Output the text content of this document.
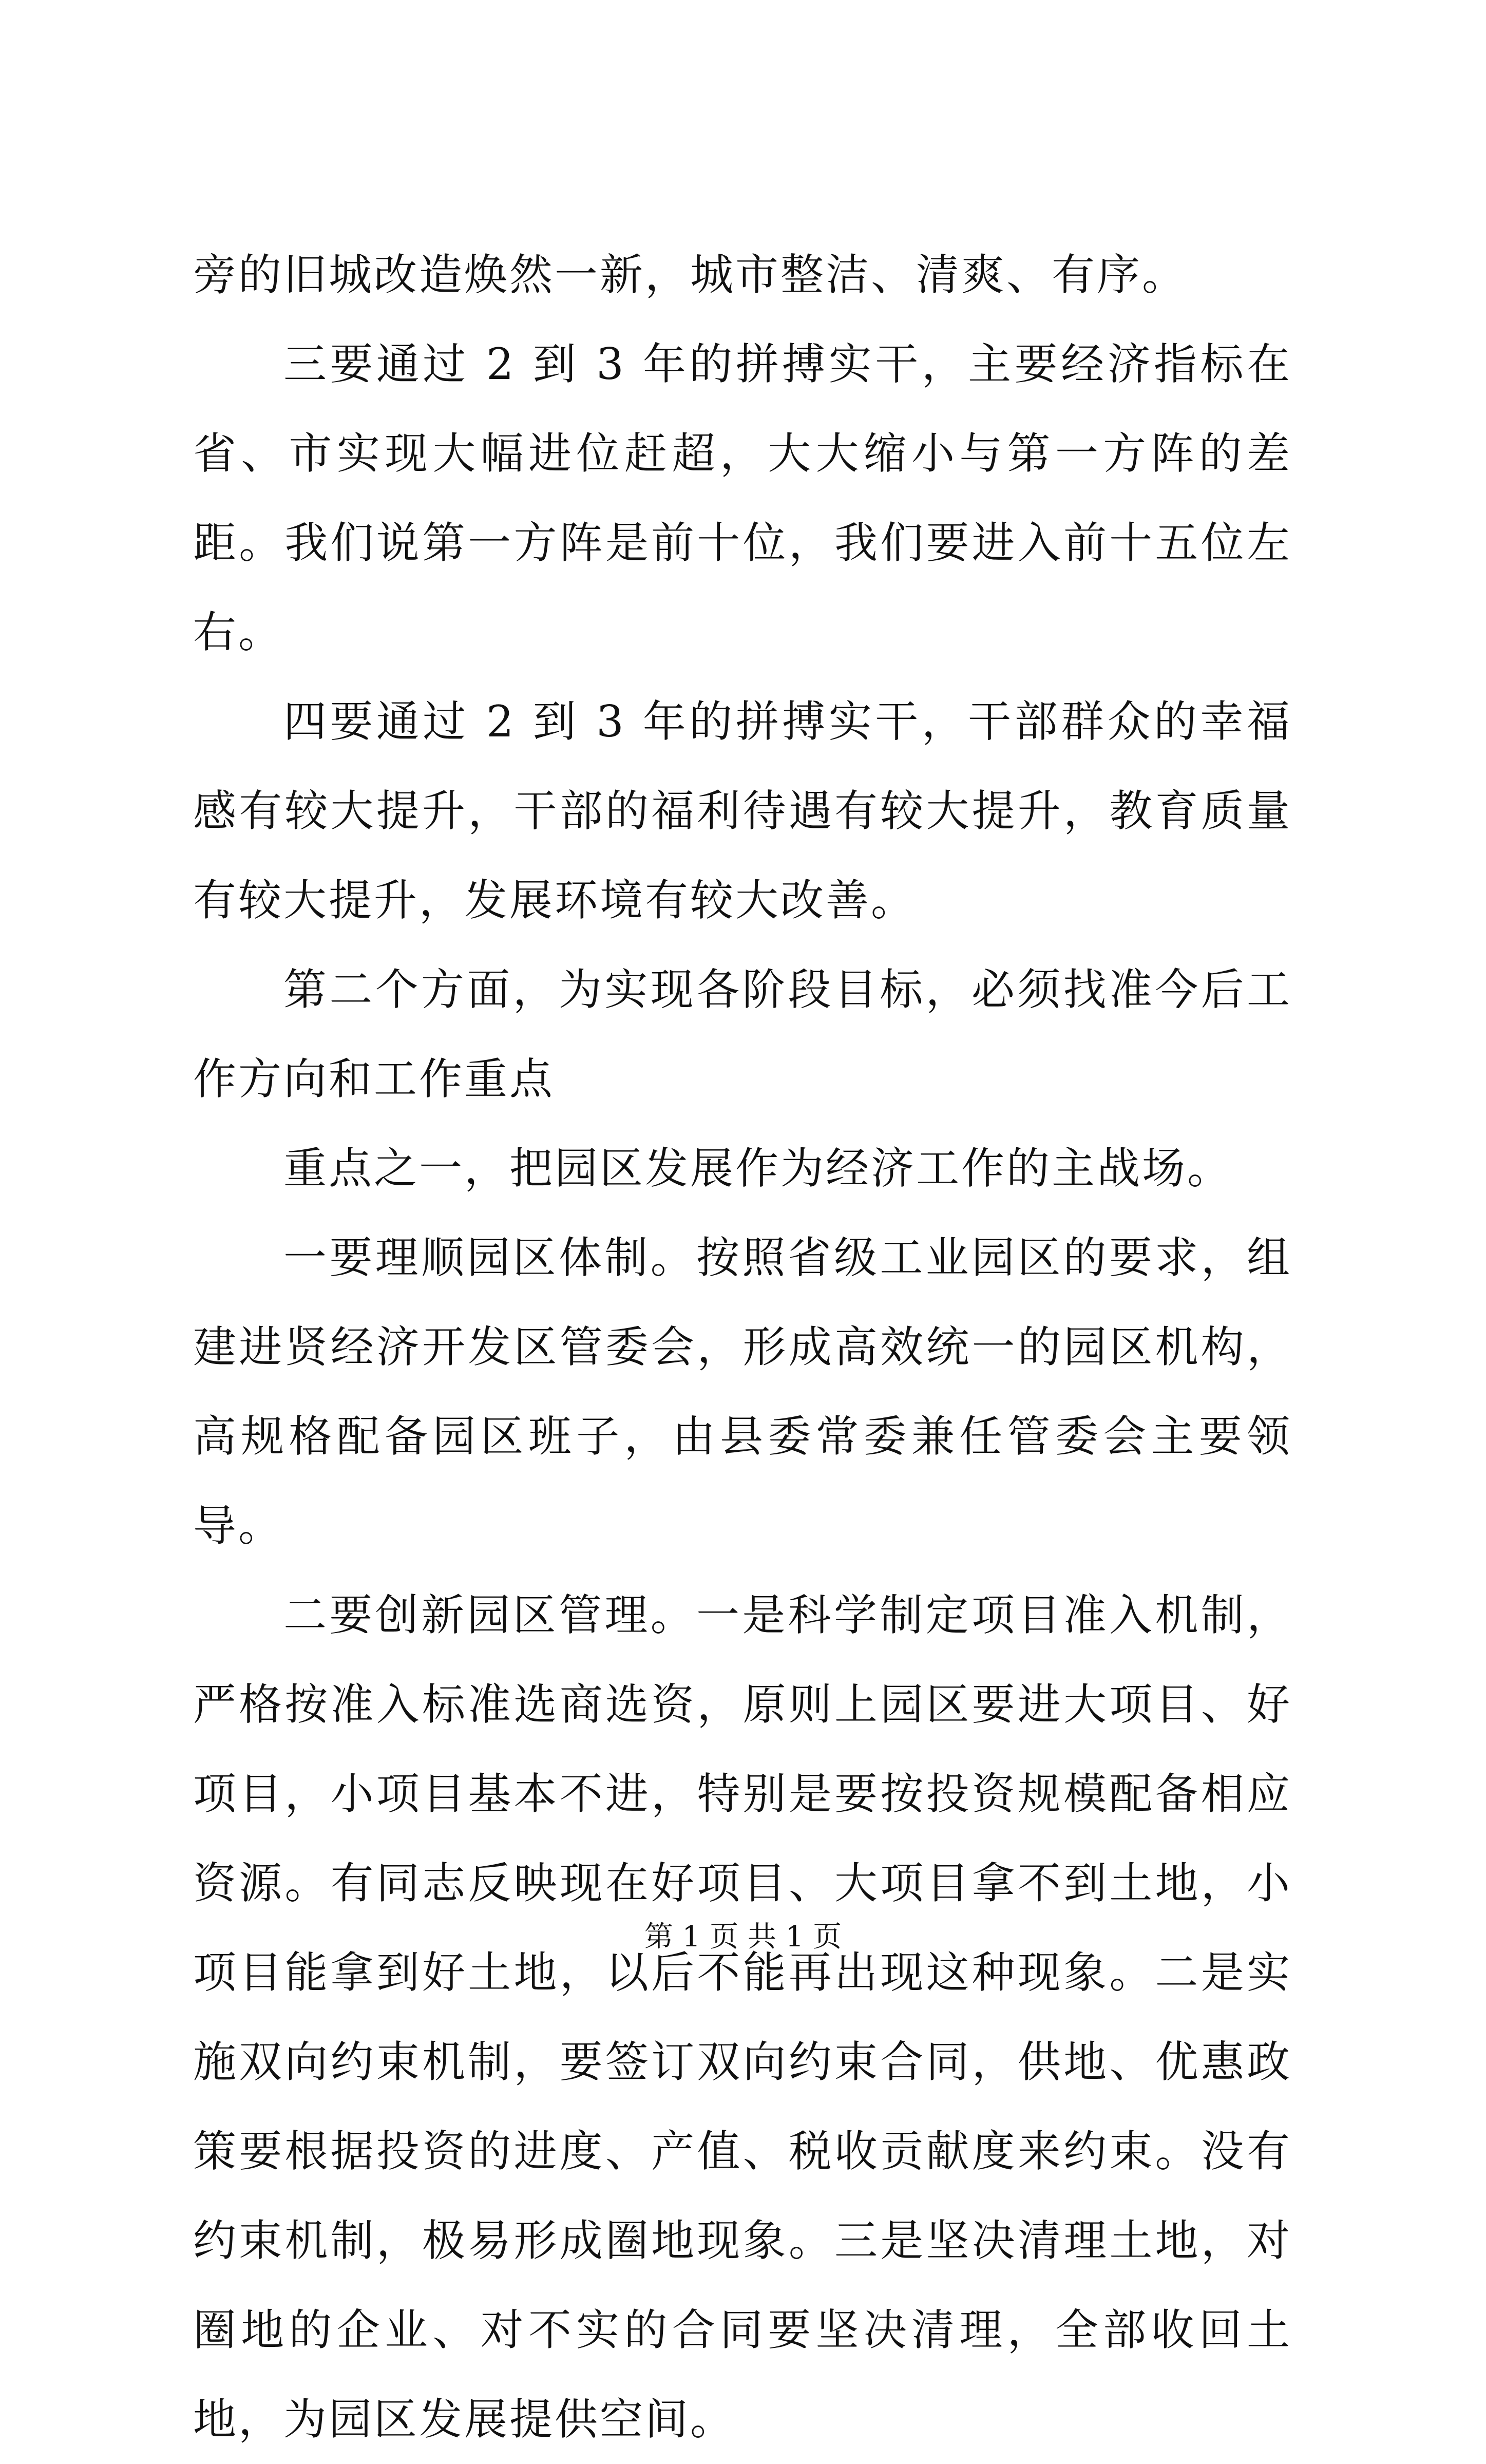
旁的旧城改造焕然一新，城市整洁、清爽、有序。

三要通过 2 到 3 年的拼搏实干，主要经济指标在省、市实现大幅进位赶超，大大缩小与第一方阵的差距。我们说第一方阵是前十位，我们要进入前十五位左右。

四要通过 2 到 3 年的拼搏实干，干部群众的幸福感有较大提升，干部的福利待遇有较大提升，教育质量有较大提升，发展环境有较大改善。

第二个方面，为实现各阶段目标，必须找准今后工作方向和工作重点

重点之一，把园区发展作为经济工作的主战场。

一要理顺园区体制。按照省级工业园区的要求，组建进贤经济开发区管委会，形成高效统一的园区机构，高规格配备园区班子，由县委常委兼任管委会主要领导。

二要创新园区管理。一是科学制定项目准入机制，严格按准入标准选商选资，原则上园区要进大项目、好项目，小项目基本不进，特别是要按投资规模配备相应资源。有同志反映现在好项目、大项目拿不到土地，小项目能拿到好土地，以后不能再出现这种现象。二是实施双向约束机制，要签订双向约束合同，供地、优惠政策要根据投资的进度、产值、税收贡献度来约束。没有约束机制，极易形成圈地现象。三是坚决清理土地，对圈地的企业、对不实的合同要坚决清理，全部收回土地，为园区发展提供空间。

第 1 页 共 1 页
